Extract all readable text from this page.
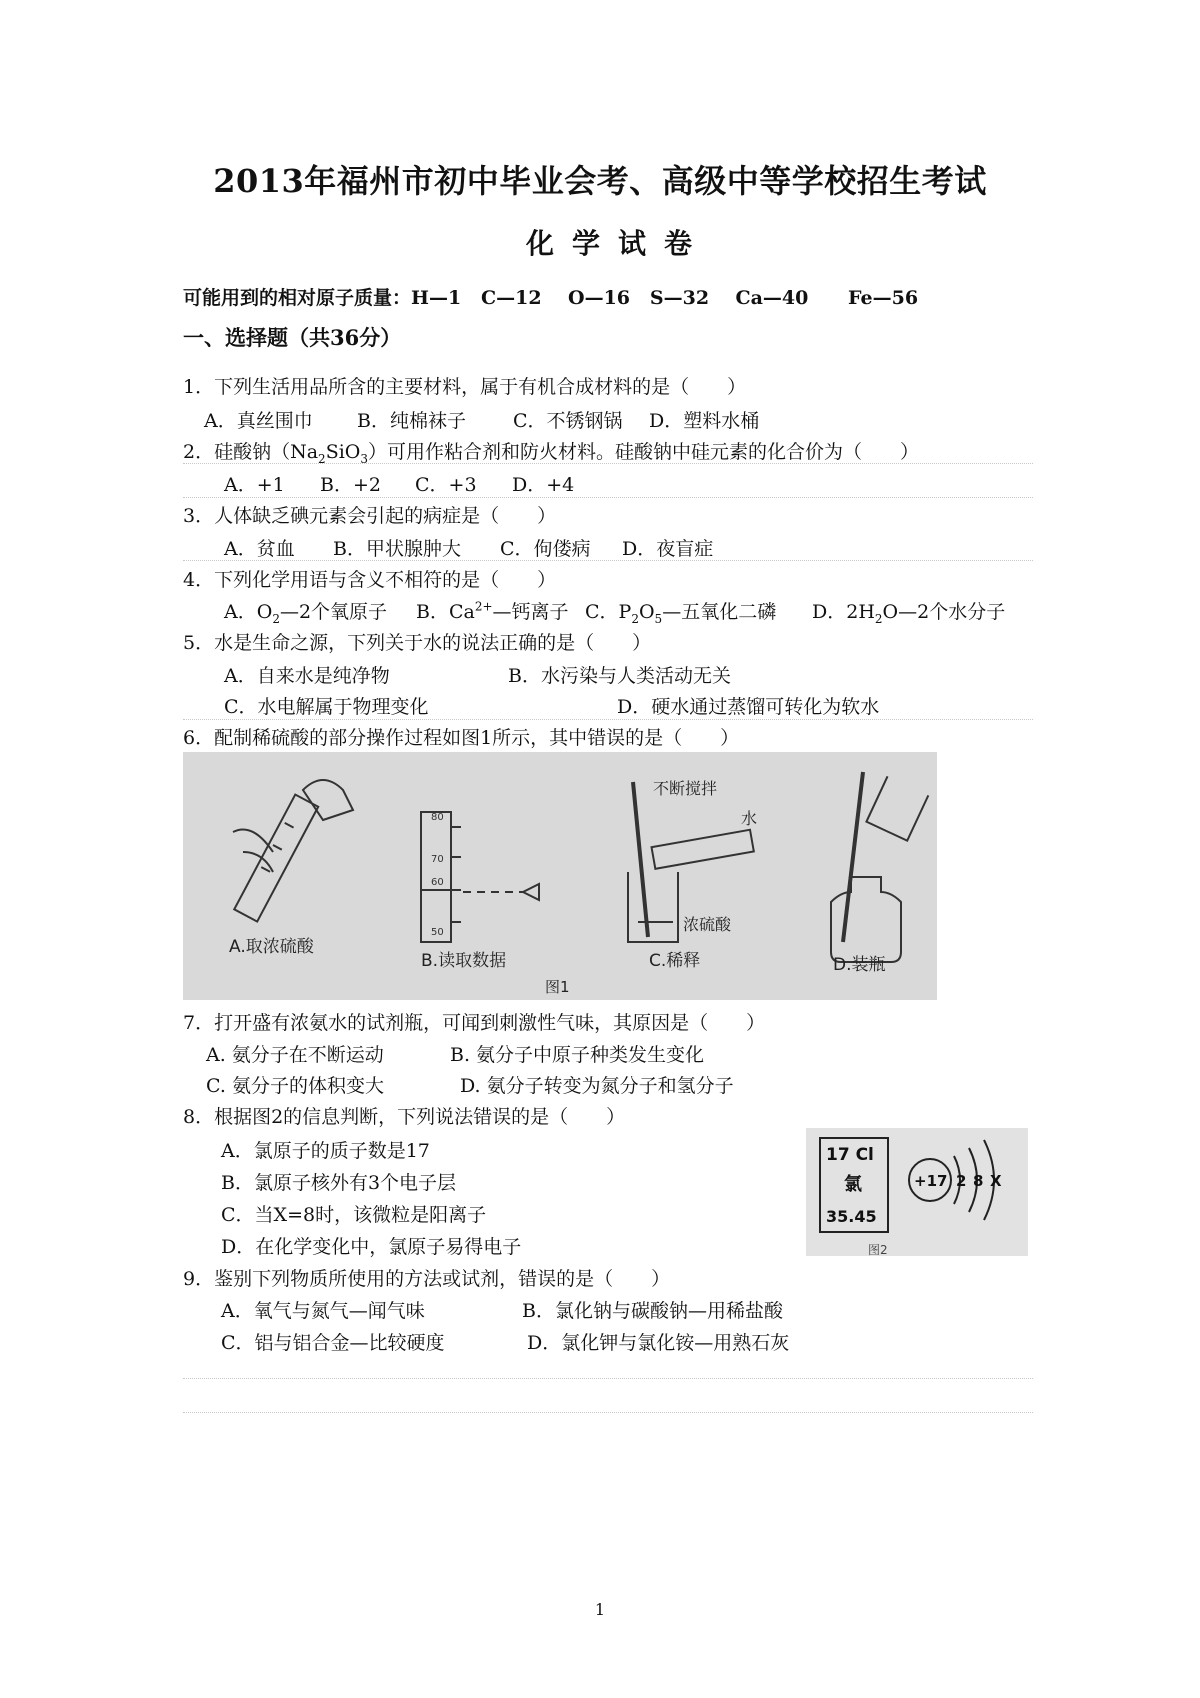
2013年福州市初中毕业会考、高级中等学校招生考试
化学试卷
可能用到的相对原子质量：H—1   C—12    O—16   S—32    Ca—40      Fe—56
一、选择题（共36分）
1．下列生活用品所含的主要材料，属于有机合成材料的是（　　）
A．真丝围巾 B．纯棉袜子 C．不锈钢锅 D．塑料水桶
2．硅酸钠$(Na_2SiO_3)$可用作粘合剂和防火材料。硅酸钠中硅元素的化合价为（　　）
A．+1 B．+2 C．+3 D．+4
3．人体缺乏碘元素会引起的病症是（　　）
A．贫血 B．甲状腺肿大 C．佝偻病 D．夜盲症
4．下列化学用语与含义不相符的是（　　）
A．$O_2—2$个氧原子 B．$Ca^{2+}—$钙离子 C．$P_2O_5—$五氧化二磷 D．$2H_2O—2$个水分子
5．水是生命之源，下列关于水的说法正确的是（　　）
A．自来水是纯净物	B．水污染与人类活动无关
C．水电解属于物理变化	D．硬水通过蒸馏可转化为软水
6．配制稀硫酸的部分操作过程如图1所示，其中错误的是（　　）
80
70
60
50
不断搅拌
水
浓硫酸
A.取浓硫酸
B.读取数据	C.稀释	D.装瓶
图1
7．打开盛有浓氨水的试剂瓶，可闻到刺激性气味，其原因是（　　）
A. 氨分子在不断运动	B. 氨分子中原子种类发生变化
C. 氨分子的体积变大	D. 氨分子转变为氮分子和氢分子
8．根据图2的信息判断，下列说法错误的是（　　）
A．氯原子的质子数是17
B．氯原子核外有3个电子层
C．当X=8时，该微粒是阳离子
D．在化学变化中，氯原子易得电子
17 Cl
氯
35.45
+17 2 8 X
图2
9．鉴别下列物质所使用的方法或试剂，错误的是（　　）
A．氧气与氮气—闻气味	B．氯化钠与碳酸钠—用稀盐酸
C．铝与铝合金—比较硬度	D．氯化钾与氯化铵—用熟石灰
1
